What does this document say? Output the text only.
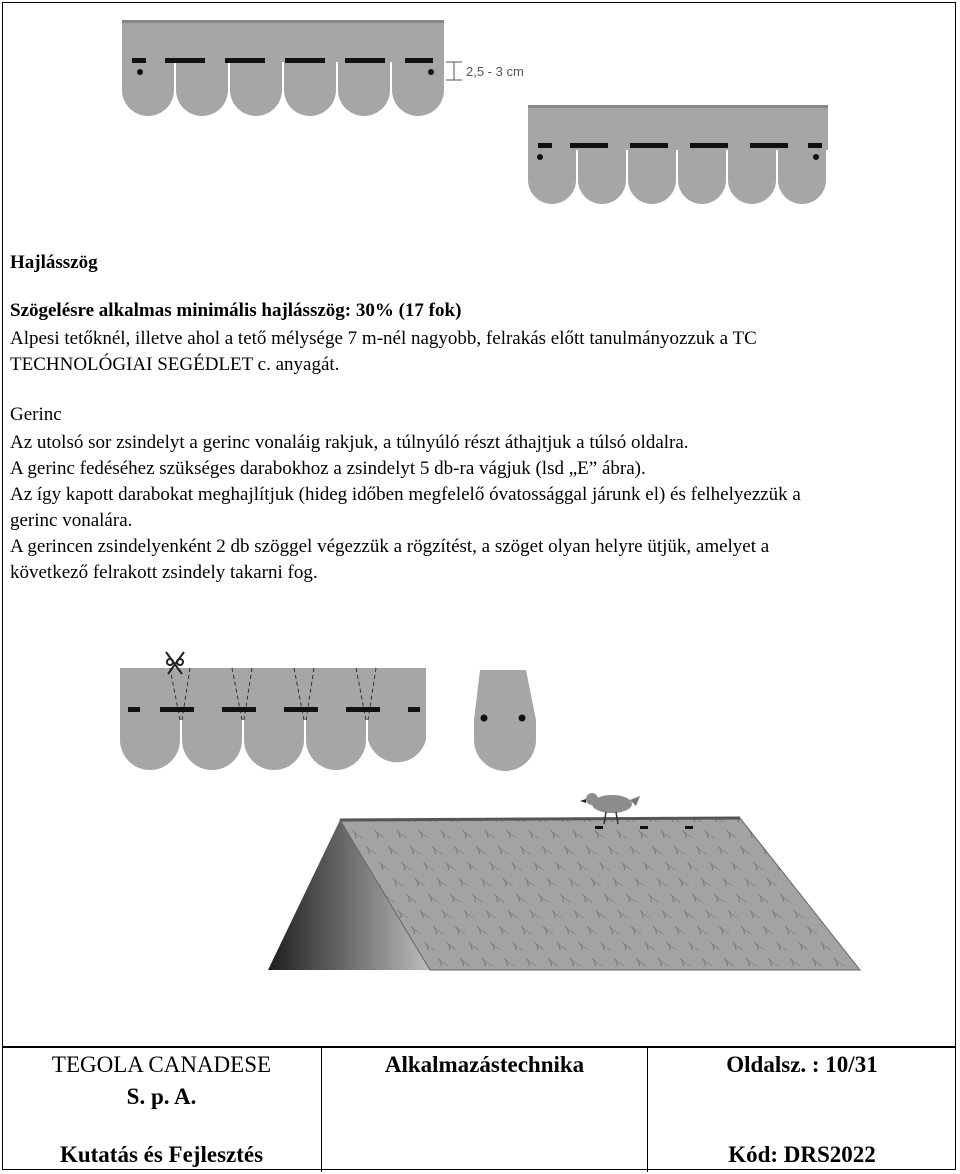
2,5 - 3 cm
Hajlásszög
Szögelésre alkalmas minimális hajlásszög: 30% (17 fok)

Alpesi tetőknél, illetve ahol a tető mélysége 7 m-nél nagyobb, felrakás előtt tanulmányozzuk a TC

TECHNOLÓGIAI SEGÉDLET c. anyagát.

Gerinc

Az utolsó sor zsindelyt a gerinc vonaláig rakjuk, a túlnyúló részt áthajtjuk a túlsó oldalra.

A gerinc fedéséhez szükséges darabokhoz a zsindelyt 5 db-ra vágjuk (lsd „E” ábra).

Az így kapott darabokat meghajlítjuk (hideg időben megfelelő óvatossággal járunk el) és felhelyezzük a

gerinc vonalára.

A gerincen zsindelyenként 2 db szöggel végezzük a rögzítést, a szöget olyan helyre ütjük, amelyet a

következő felrakott zsindely takarni fog.

TEGOLA CANADESE
S. p. A.
Kutatás és Fejlesztés
Alkalmazástechnika	Oldalsz. : 10/31
Kód: DRS2022
